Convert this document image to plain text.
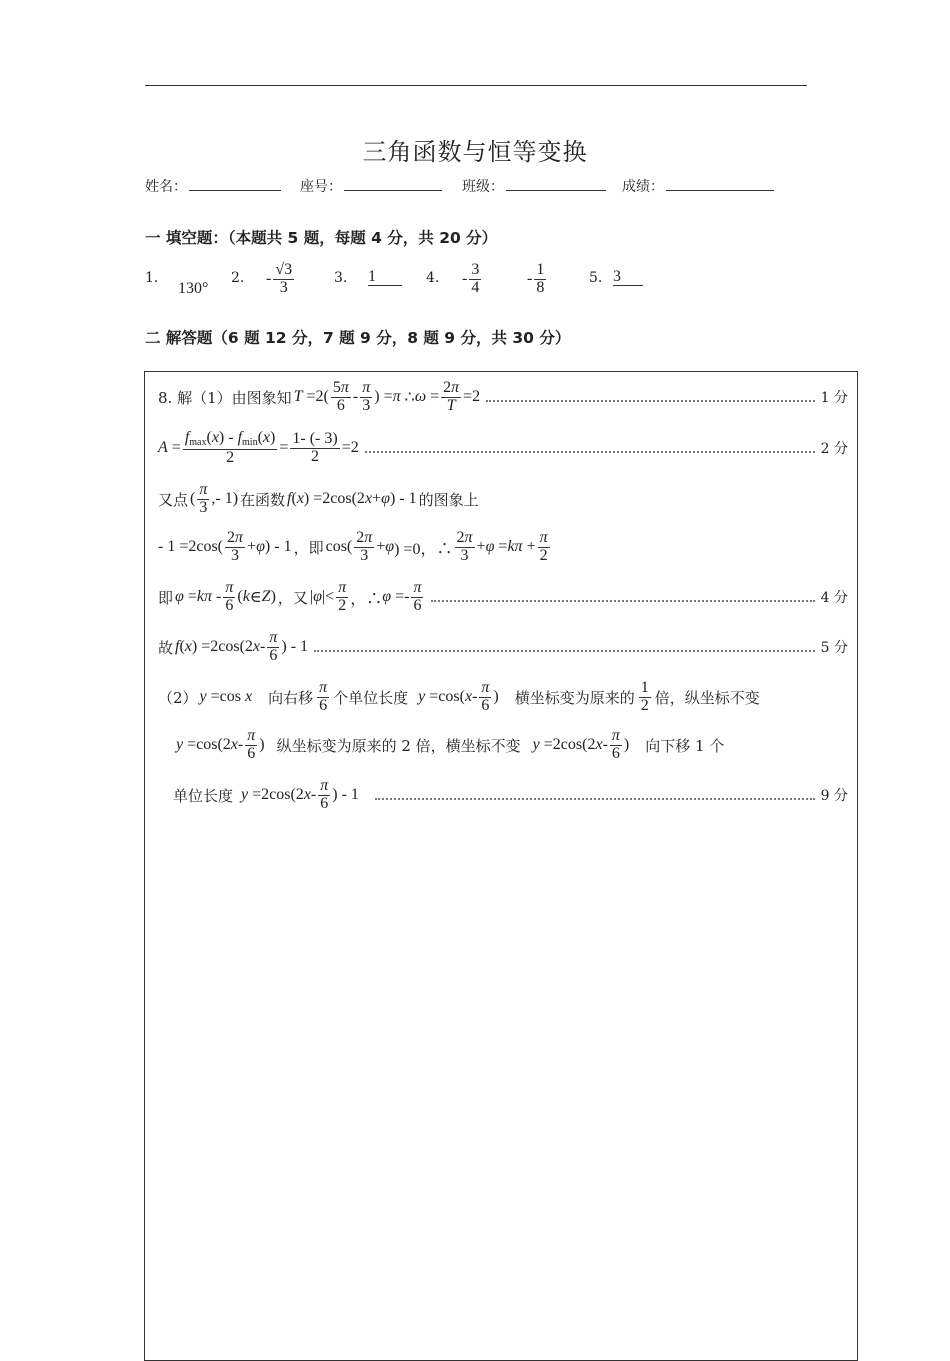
三角函数与恒等变换
姓名：	座号：	班级：	成绩：
一 填空题：（本题共 5 题，每题 4 分，共 20 分）
1.
130°
2. - $\frac{√3}{3}$	3. 1	4. - $\frac{3}{4}$	- $\frac{1}{8}$	5. 3
二 解答题（6 题 12 分，7 题 9 分，8 题 9 分，共 30 分）
8. 解（1）由图象知 $T =2( \frac{5\pi}{6} - \frac{\pi}{3}$ ) = π ∴ $\omega = \frac{2\pi}{T} =2$	1 分
$A = \frac{f_{max}(x) - f_{min}(x)}{2} = \frac{1- (- 3)}{2} =2$	2 分
又点 ( $\frac{\pi}{3}$ ,- 1) 在函数 f(x) =2cos(2x+φ) - 1 的图象上
- $1 =2\cos( \frac{2\pi}{3} + \varphi$ ) - 1 ，即 $\cos( \frac{2\pi}{3} + \varphi$ ) =0，∴ $\frac{2\pi}{3} + \varphi = k\pi + \frac{\pi}{2}$
即 $\varphi = k\pi - \frac{\pi}{6}$ ( k ∈ Z ) ，又 | φ |< $\frac{\pi}{2}$ ，∴ $\varphi =- \frac{\pi}{6}$	4 分
故 f ( x ) =2cos(2 x - $\frac{\pi}{6}$ ) - 1	5 分
（2） y =cos x 向右移 $\frac{\pi}{6}$ 个单位长度 y =cos( x - $\frac{\pi}{6}$ ) 横坐标变为原来的 $\frac{1}{2}$ 倍，纵坐标不变
y =cos(2 x - $\frac{\pi}{6}$ ) 纵坐标变为原来的 2 倍，横坐标不变 y =2cos(2 x - $\frac{\pi}{6}$ ) 向下移 1 个
单位长度 y =2cos(2 x - $\frac{\pi}{6}$ ) - 1	9 分
